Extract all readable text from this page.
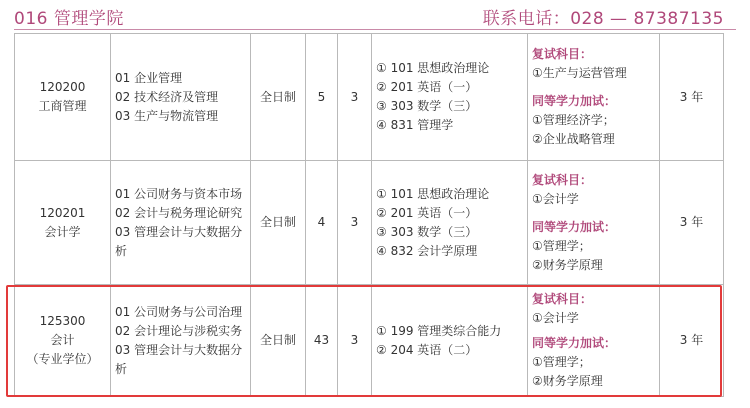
016 管理学院	联系电话：028 — 87387135
120200
工商管理	01 企业管理
02 技术经济及管理
03 生产与物流管理	全日制	5	3	① 101 思想政治理论
② 201 英语（一）
③ 303 数学（三）
④ 831 管理学	复试科目：
①生产与运营管理
同等学力加试：
①管理经济学；
②企业战略管理	3 年

120201
会计学	01 公司财务与资本市场
02 会计与税务理论研究
03 管理会计与大数据分析	全日制	4	3	① 101 思想政治理论
② 201 英语（一）
③ 303 数学（三）
④ 832 会计学原理	复试科目：
①会计学
同等学力加试：
①管理学；
②财务学原理	3 年

125300
会计
（专业学位）	01 公司财务与公司治理
02 会计理论与涉税实务
03 管理会计与大数据分析	全日制	43	3	① 199 管理类综合能力
② 204 英语（二）	复试科目：
①会计学
同等学力加试：
①管理学；
②财务学原理	3 年
